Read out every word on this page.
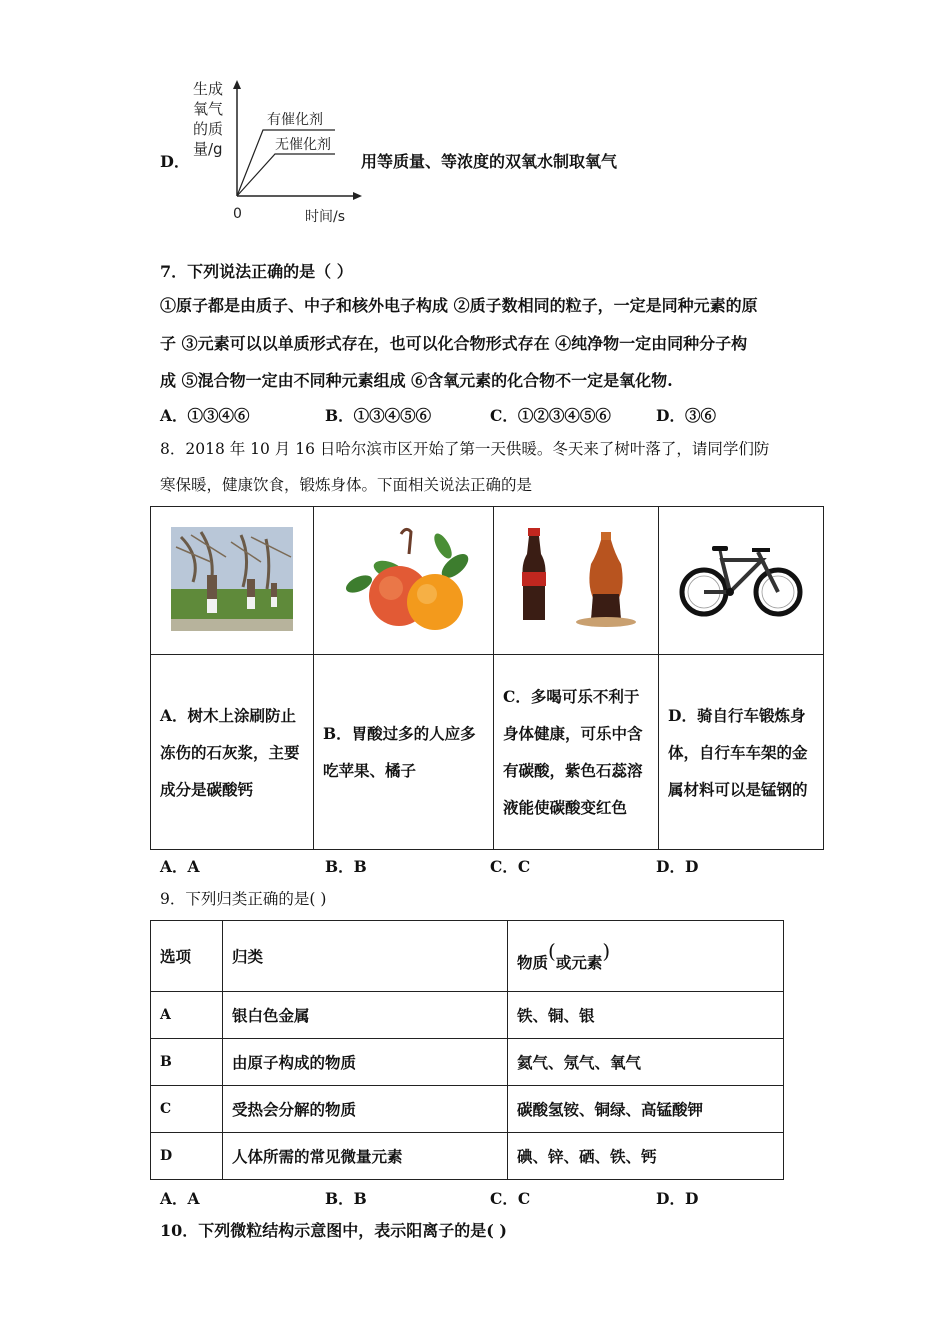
D．
生成
氧气
的质
量/g
0	时间/s
有催化剂
无催化剂
用等质量、等浓度的双氧水制取氧气
7．下列说法正确的是（ ）
①原子都是由质子、中子和核外电子构成 ②质子数相同的粒子，一定是同种元素的原
子 ③元素可以以单质形式存在，也可以化合物形式存在 ④纯净物一定由同种分子构
成 ⑤混合物一定由不同种元素组成 ⑥含氧元素的化合物不一定是氧化物.
A．①③④⑥	B．①③④⑤⑥	C．①②③④⑤⑥	D．③⑥
8．2018 年 10 月 16 日哈尔滨市区开始了第一天供暖。冬天来了树叶落了，请同学们防
寒保暖，健康饮食，锻炼身体。下面相关说法正确的是

A．树木上涂刷防止冻伤的石灰浆，主要成分是碳酸钙	B．胃酸过多的人应多吃苹果、橘子	C．多喝可乐不利于身体健康，可乐中含有碳酸，紫色石蕊溶液能使碳酸变红色	D．骑自行车锻炼身体，自行车车架的金属材料可以是锰钢的
A．A	B．B	C．C	D．D
9．下列归类正确的是( )
选项	归类	物质(或元素)
A	银白色金属	铁、铜、银
B	由原子构成的物质	氦气、氖气、氧气
C	受热会分解的物质	碳酸氢铵、铜绿、高锰酸钾
D	人体所需的常见微量元素	碘、锌、硒、铁、钙
A．A	B．B	C．C	D．D
10．下列微粒结构示意图中，表示阳离子的是( )
